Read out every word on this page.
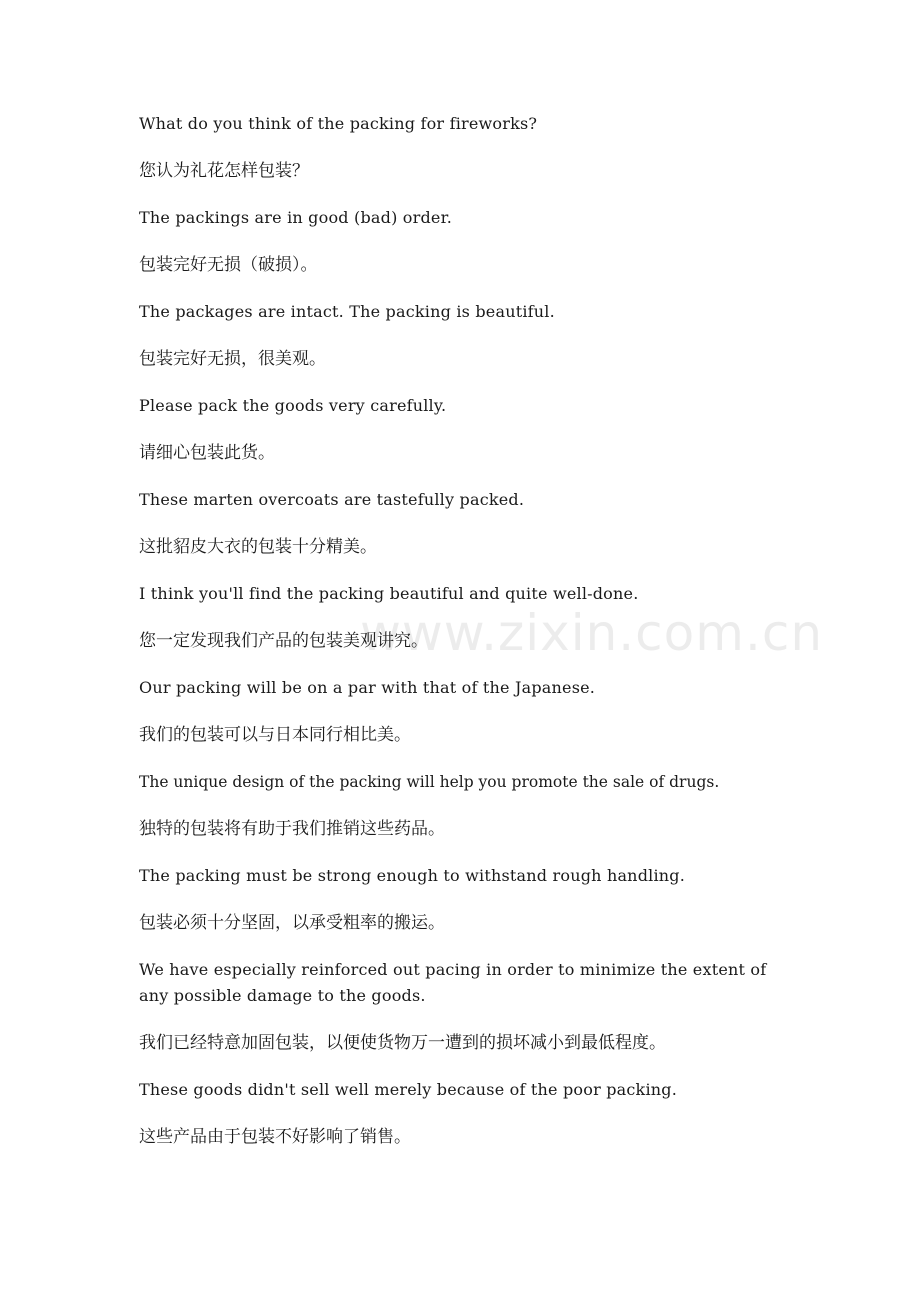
www.zixin.com.cn

What do you think of the packing for fireworks?

您认为礼花怎样包装？

The packings are in good (bad) order.

包装完好无损（破损）。

The packages are intact. The packing is beautiful.

包装完好无损，很美观。

Please pack the goods very carefully.

请细心包装此货。

These marten overcoats are tastefully packed.

这批貂皮大衣的包装十分精美。

I think you'll find the packing beautiful and quite well-done.

您一定发现我们产品的包装美观讲究。

Our packing will be on a par with that of the Japanese.

我们的包装可以与日本同行相比美。

The unique design of the packing will help you promote the sale of drugs.

独特的包装将有助于我们推销这些药品。

The packing must be strong enough to withstand rough handling.

包装必须十分坚固，以承受粗率的搬运。

We have especially reinforced out pacing in order to minimize the extent of any possible damage to the goods.

我们已经特意加固包装，以便使货物万一遭到的损坏减小到最低程度。

These goods didn't sell well merely because of the poor packing.

这些产品由于包装不好影响了销售。
